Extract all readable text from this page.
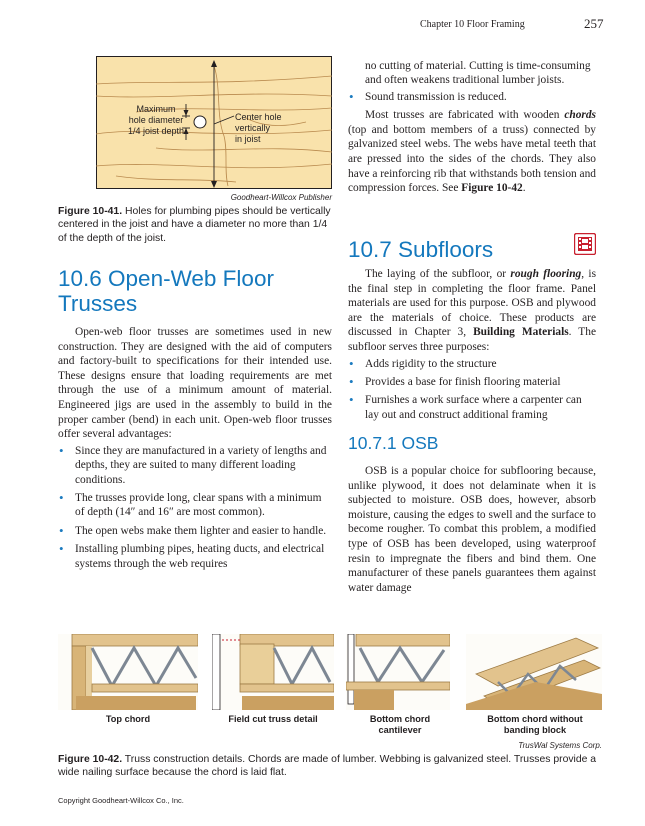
Chapter 10 Floor Framing	257
Maximum
hole diameter
1/4 joist depth
Center hole
vertically
in joist
Goodheart-Willcox Publisher
Figure 10-41. Holes for plumbing pipes should be vertically centered in the joist and have a diameter no more than 1/4 of the depth of the joist.
10.6 Open-Web Floor Trusses

Open-web floor trusses are sometimes used in new construction. They are designed with the aid of computers and factory-built to specifications for their intended use. These designs ensure that loading requirements are met through the use of a minimum amount of material. Engineered jigs are used in the assembly to build in the proper camber (bend) in each unit. Open-web floor trusses offer several advantages:

• Since they are manufactured in a variety of lengths and depths, they are suited to many different loading conditions.
• The trusses provide long, clear spans with a minimum of depth (14″ and 16″ are most common).
• The open webs make them lighter and easier to handle.
• Installing plumbing pipes, heating ducts, and electrical systems through the web requires
no cutting of material. Cutting is time-consuming and often weakens traditional lumber joists.
• Sound transmission is reduced.

Most trusses are fabricated with wooden chords (top and bottom members of a truss) connected by galvanized steel webs. The webs have metal teeth that are pressed into the sides of the chords. They also have a reinforcing rib that withstands both tension and compression forces. See Figure 10-42.

10.7 Subfloors

The laying of the subfloor, or rough flooring, is the final step in completing the floor frame. Panel materials are used for this purpose. OSB and plywood are the materials of choice. These products are discussed in Chapter 3, Building Materials. The subfloor serves three purposes:

• Adds rigidity to the structure
• Provides a base for finish flooring material
• Furnishes a work surface where a carpenter can lay out and construct additional framing
10.7.1 OSB

OSB is a popular choice for subflooring because, unlike plywood, it does not delaminate when it is subjected to moisture. OSB does, however, absorb moisture, causing the edges to swell and the surface to become rougher. To combat this problem, a modified type of OSB has been developed, using waterproof resin to impregnate the fibers and bind them. One manufacturer of these panels guarantees them against water damage

Top chord	Field cut truss detail	Bottom chord cantilever
Bottom chord without banding block
TrusWal Systems Corp.
Figure 10-42. Truss construction details. Chords are made of lumber. Webbing is galvanized steel. Trusses provide a wide nailing surface because the chord is laid flat.
Copyright Goodheart-Willcox Co., Inc.
